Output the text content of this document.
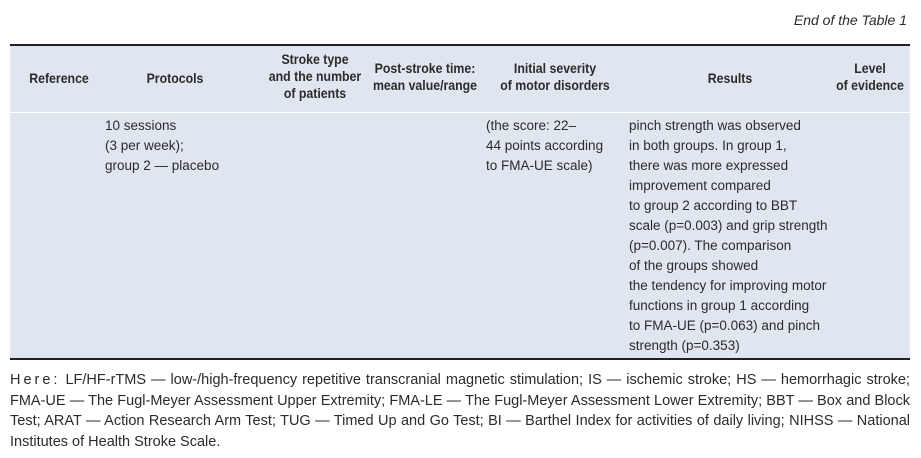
End of the Table 1
Reference	Protocols
Stroke type
and the number
of patients
Post-stroke time:
mean value/range
Initial severity
of motor disorders	Results
Level
of evidence
10 sessions
(3 per week);
group 2 — placebo
(the score: 22–
44 points according
to FMA-UE scale)
pinch strength was observed
in both groups. In group 1,
there was more expressed
improvement compared
to group 2 according to BBT
scale (p=0.003) and grip strength
(p=0.007). The comparison
of the groups showed
the tendency for improving motor
functions in group 1 according
to FMA-UE (p=0.063) and pinch
strength (p=0.353)
Here: LF/HF-rTMS — low-/high-frequency repetitive transcranial magnetic stimulation; IS — ischemic stroke; HS — hemorrhagic stroke; FMA-UE — The Fugl-Meyer Assessment Upper Extremity; FMA-LE — The Fugl-Meyer Assessment Lower Extremity; BBT — Box and Block Test; ARAT — Action Research Arm Test; TUG — Timed Up and Go Test; BI — Barthel Index for activities of daily living; NIHSS — National Institutes of Health Stroke Scale.
